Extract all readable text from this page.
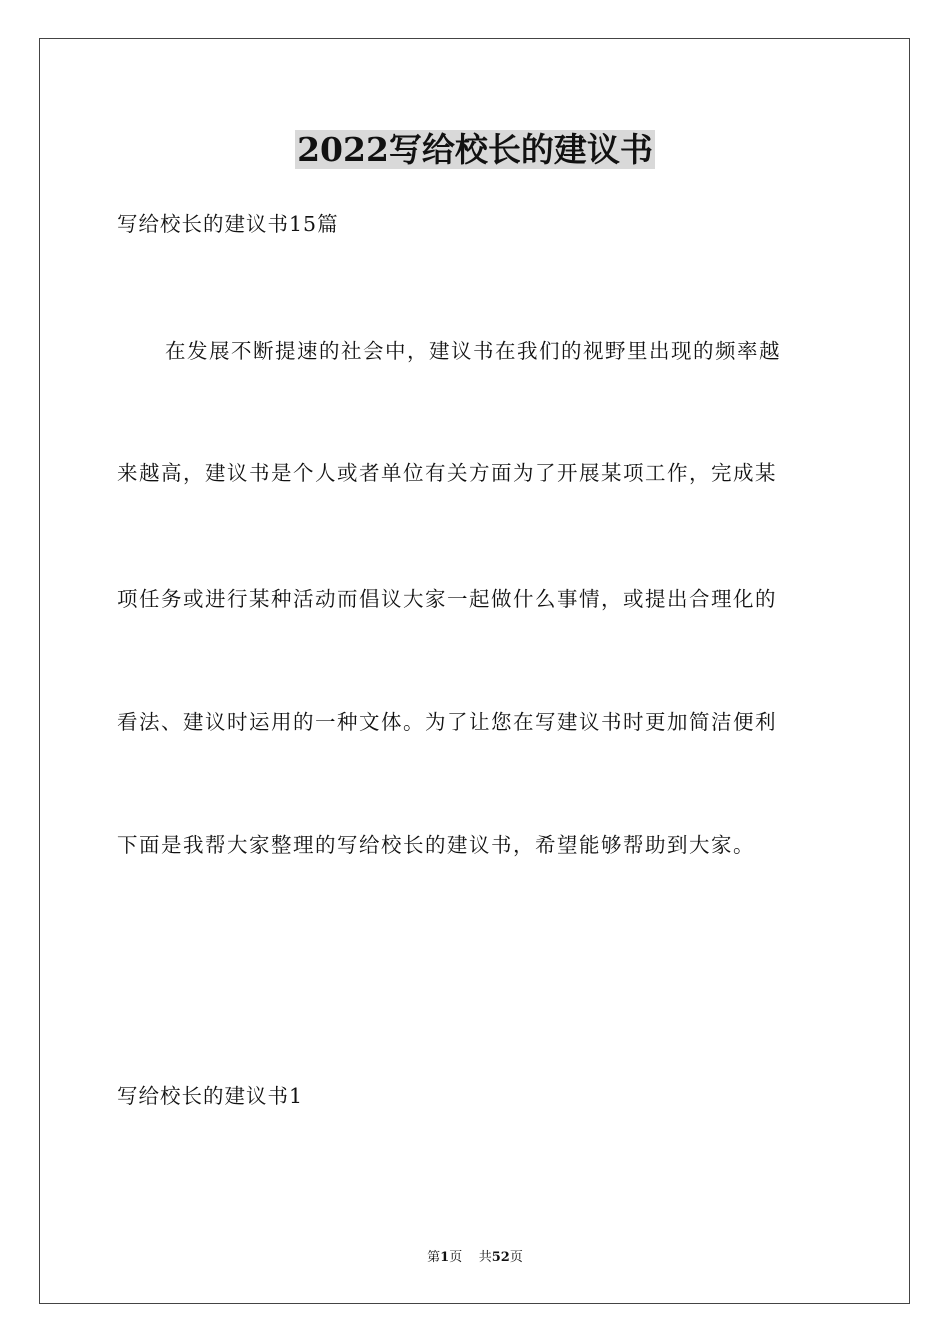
2022写给校长的建议书

写给校长的建议书15篇

在发展不断提速的社会中，建议书在我们的视野里出现的频率越

来越高，建议书是个人或者单位有关方面为了开展某项工作，完成某

项任务或进行某种活动而倡议大家一起做什么事情，或提出合理化的

看法、建议时运用的一种文体。为了让您在写建议书时更加简洁便利

下面是我帮大家整理的写给校长的建议书，希望能够帮助到大家。

写给校长的建议书1

第1页 共52页
